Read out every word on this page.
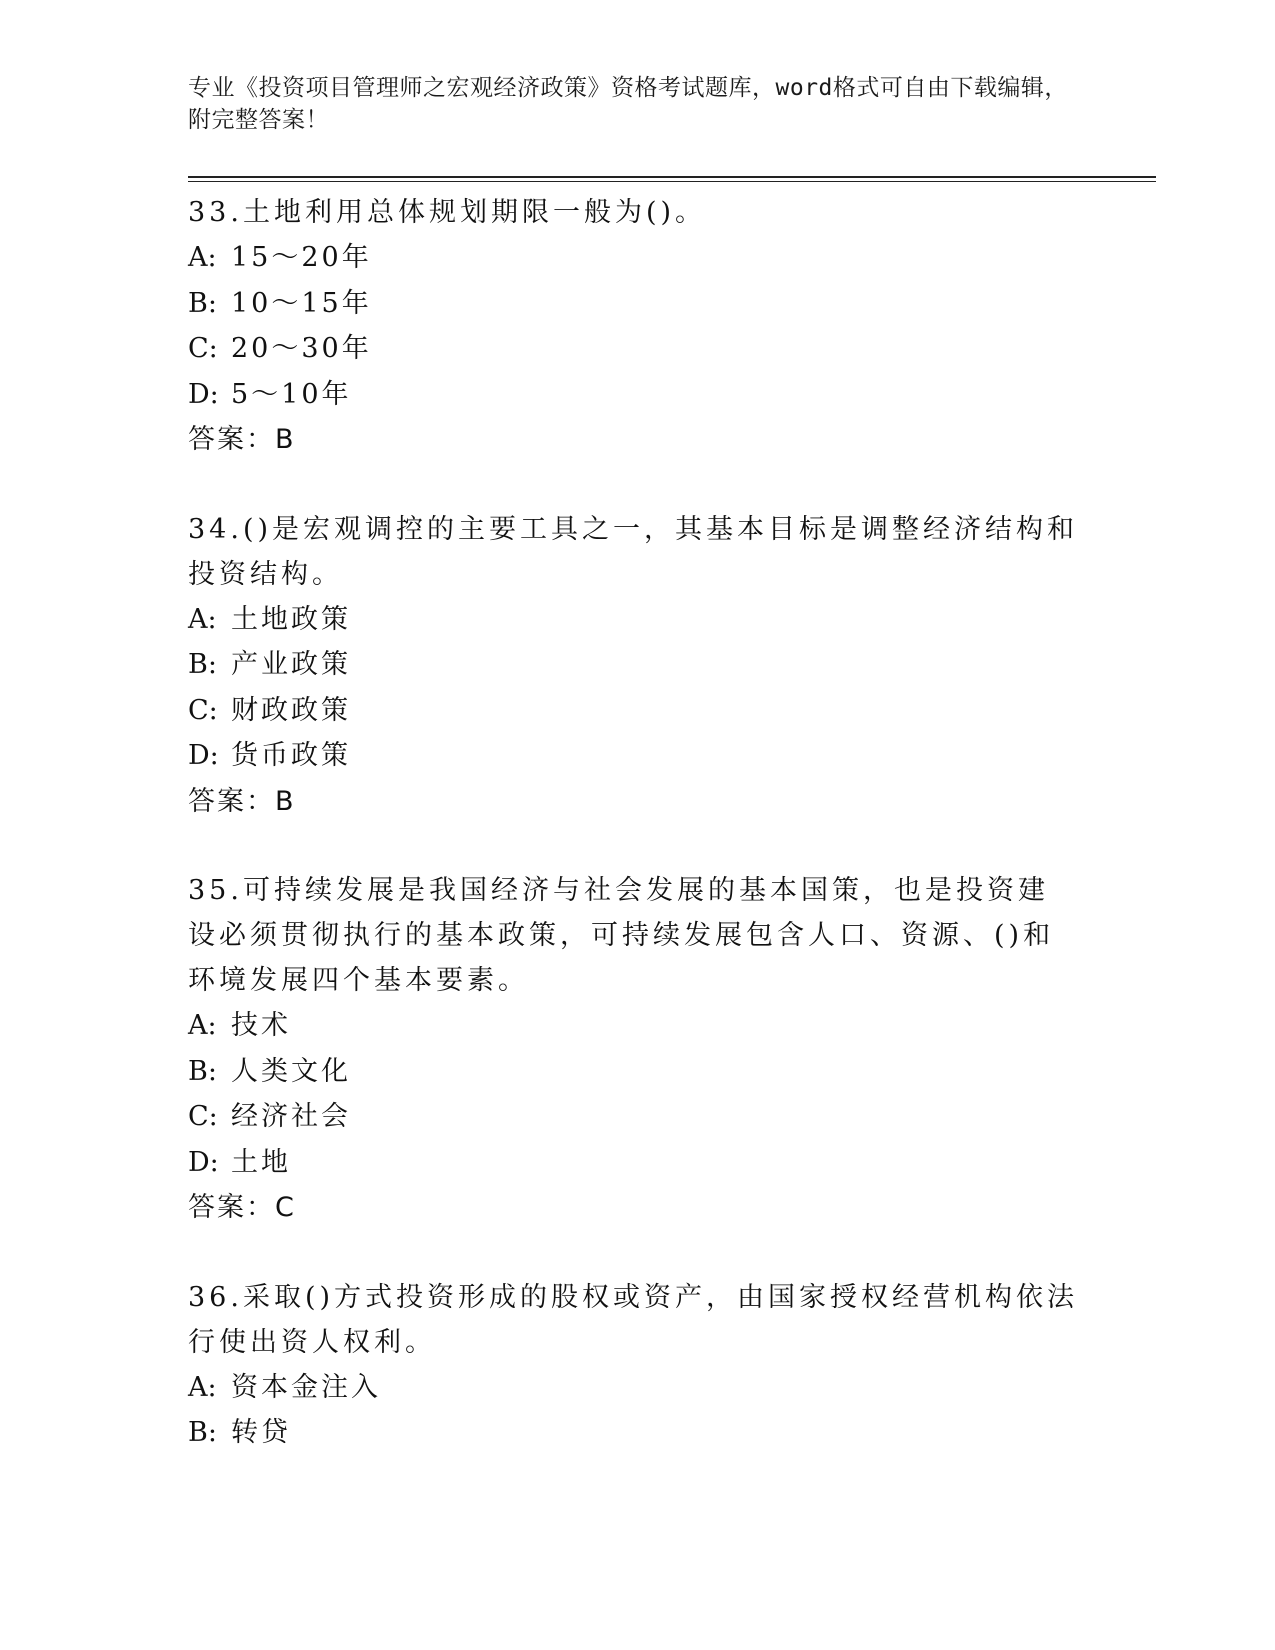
专业《投资项目管理师之宏观经济政策》资格考试题库，word格式可自由下载编辑，附完整答案！

33.土地利用总体规划期限一般为()。

A: 15～20年

B: 10～15年

C: 20～30年

D: 5～10年

答案：B

34.()是宏观调控的主要工具之一，其基本目标是调整经济结构和投资结构。

A: 土地政策

B: 产业政策

C: 财政政策

D: 货币政策

答案：B

35.可持续发展是我国经济与社会发展的基本国策，也是投资建设必须贯彻执行的基本政策，可持续发展包含人口、资源、()和环境发展四个基本要素。

A: 技术

B: 人类文化

C: 经济社会

D: 土地

答案：C

36.采取()方式投资形成的股权或资产，由国家授权经营机构依法行使出资人权利。

A: 资本金注入

B: 转贷
